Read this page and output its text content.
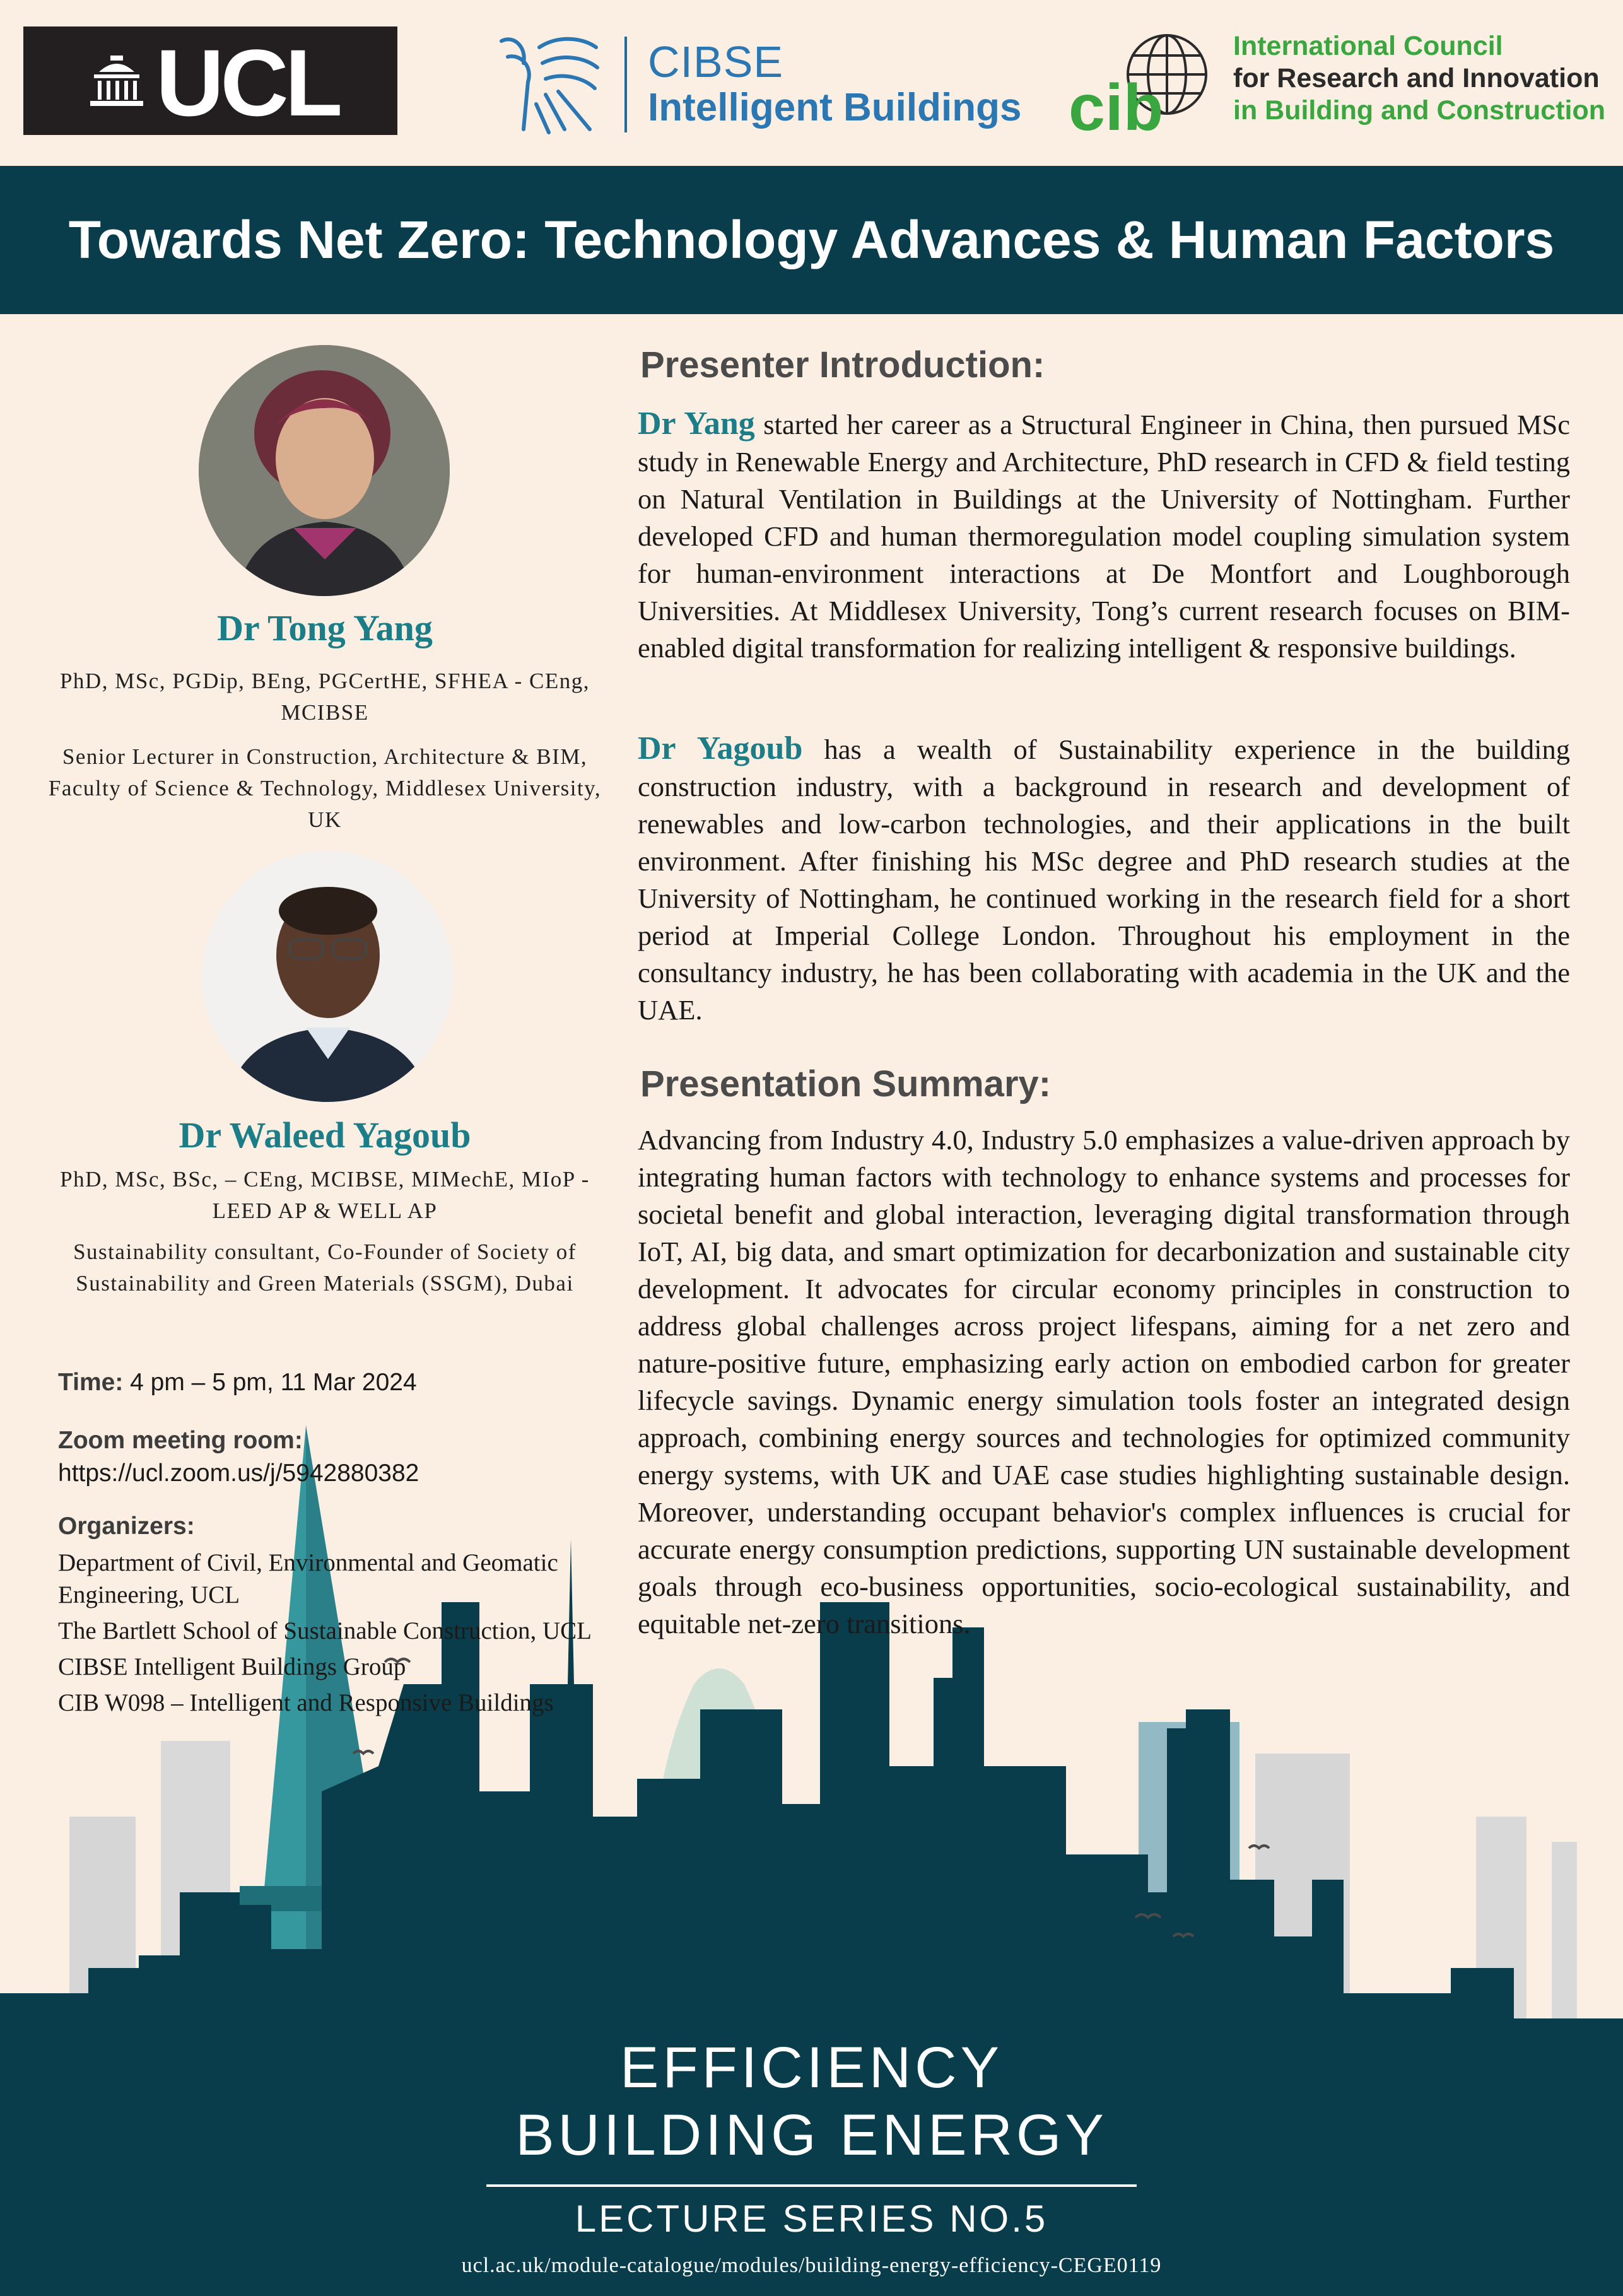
UCL	CIBSE
Intelligent Buildings cib
International Council
for Research and Innovation
in Building and Construction
Towards Net Zero: Technology Advances & Human Factors
Dr Tong Yang
PhD, MSc, PGDip, BEng, PGCertHE, SFHEA - CEng, MCIBSE
Senior Lecturer in Construction, Architecture & BIM, Faculty of Science & Technology, Middlesex University, UK
Dr Waleed Yagoub
PhD, MSc, BSc, – CEng, MCIBSE, MIMechE, MIoP - LEED AP & WELL AP
Sustainability consultant, Co-Founder of Society of Sustainability and Green Materials (SSGM), Dubai
Time: 4 pm – 5 pm, 11 Mar 2024
Zoom meeting room:
https://ucl.zoom.us/j/5942880382
Organizers:
Department of Civil, Environmental and Geomatic Engineering, UCL
The Bartlett School of Sustainable Construction, UCL
CIBSE Intelligent Buildings Group
CIB W098 – Intelligent and Responsive Buildings
Presenter Introduction:
Dr Yang started her career as a Structural Engineer in China, then pursued MSc study in Renewable Energy and Architecture, PhD research in CFD & field testing on Natural Ventilation in Buildings at the University of Nottingham. Further developed CFD and human thermoregulation model coupling simulation system for human-environment interactions at De Montfort and Loughborough Universities. At Middlesex University, Tong’s current research focuses on BIM-enabled digital transformation for realizing intelligent & responsive buildings.
Dr Yagoub has a wealth of Sustainability experience in the building construction industry, with a background in research and development of renewables and low-carbon technologies, and their applications in the built environment. After finishing his MSc degree and PhD research studies at the University of Nottingham, he continued working in the research field for a short period at Imperial College London. Throughout his employment in the consultancy industry, he has been collaborating with academia in the UK and the UAE.
Presentation Summary:
Advancing from Industry 4.0, Industry 5.0 emphasizes a value-driven approach by integrating human factors with technology to enhance systems and processes for societal benefit and global interaction, leveraging digital transformation through IoT, AI, big data, and smart optimization for decarbonization and sustainable city development. It advocates for circular economy principles in construction to address global challenges across project lifespans, aiming for a net zero and nature-positive future, emphasizing early action on embodied carbon for greater lifecycle savings. Dynamic energy simulation tools foster an integrated design approach, combining energy sources and technologies for optimized community energy systems, with UK and UAE case studies highlighting sustainable design. Moreover, understanding occupant behavior's complex influences is crucial for accurate energy consumption predictions, supporting UN sustainable development goals through eco-business opportunities, socio-ecological sustainability, and equitable net-zero transitions.
EFFICIENCY
BUILDING ENERGY
LECTURE SERIES NO.5
ucl.ac.uk/module-catalogue/modules/building-energy-efficiency-CEGE0119
